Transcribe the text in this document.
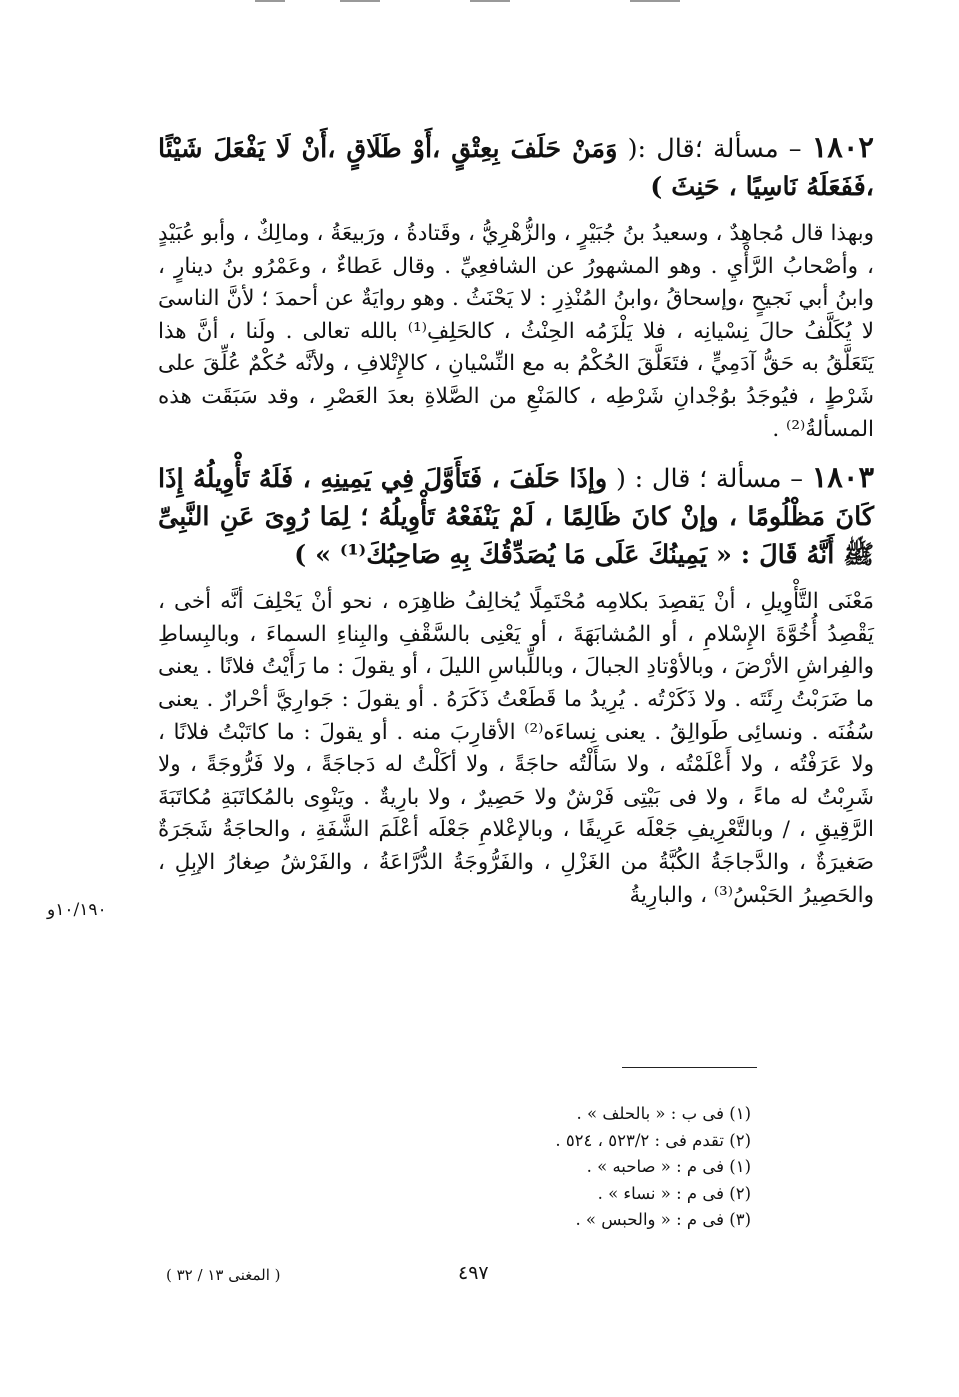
١٨٠٢ – مسألة ؛قال :( وَمَنْ حَلَفَ بِعِتْقٍ ،أَوْ طَلَاقٍ ،أَنْ لَا يَفْعَلَ شَيْئًا ،فَفَعَلَهُ نَاسِيًا ، حَنِثَ )

وبهذا قال مُجاهِدٌ ، وسعيدُ بنُ جُبَيْرٍ ، والزُّهْرِيُّ ، وقَتادةُ ، ورَبيعَةُ ، ومالِكٌ ، وأبو عُبَيْدٍ ، وأصْحابُ الرَّأْيِ . وهو المشهورُ عن الشافعِيِّ . وقال عَطاءٌ ، وعَمْرُو بنُ دينارٍ ، وابنُ أبي نَجيحٍ ،وإسحاقُ ،وابنُ المُنْذِرِ : لا يَحْنَثُ . وهو روايَةٌ عن أحمدَ ؛ لأنَّ الناسىَ لا يُكَلَّفُ حالَ نِسْيانِه ، فلا يَلْزَمُه الحِنْثُ ، كالحَلِفِ⁽¹⁾ بالله تعالى . ولَنا ، أنَّ هذا يَتَعَلَّقُ به حَقُّ آدَمِيٍّ ، فتَعَلَّقَ الحُكْمُ به مع النِّسْيانِ ، كالإِتْلافِ ، ولأنَّه حُكْمٌ عُلِّقَ على شَرْطٍ ، فيُوجَدُ بوُجْدانِ شَرْطِه ، كالمَنْعِ من الصَّلاةِ بعدَ العَصْرِ ، وقد سَبَقَت هذه المسألةُ⁽²⁾ .

١٨٠٣ – مسألة ؛ قال : ( وإذَا حَلَفَ ، فَتَأَوَّلَ فِي يَمِينِهِ ، فَلَهُ تَأْوِيلُهُ إِذَا كَانَ مَظْلُومًا ، وإنْ كانَ ظَالِمًا ، لَمْ يَنْفَعْهُ تَأْوِيلُهُ ؛ لِمَا رُوِىَ عَنِ النَّبِىِّ ﷺ أَنَّهُ قَالَ : « يَمِينُكَ عَلَى مَا يُصَدِّقُكَ بِهِ صَاحِبُكَ⁽¹⁾ » )

مَعْنَى التَّأْوِيلِ ، أنْ يَقصِدَ بكلامِه مُحْتَمِلًا يُخالِفُ ظاهِرَه ، نحو أنْ يَحْلِفَ أنَّه أخى ، يَقْصِدُ أُخُوَّةَ الإِسْلامِ ، أو المُشابَهَةَ ، أو يَعْنِى بالسَّقْفِ والبِناءِ السماءَ ، وبالبِساطِ والفِراشِ الأرْضَ ، وبالأوْتادِ الجبالَ ، وباللِّباسِ الليلَ ، أو يقولَ : ما رَأَيْتُ فلانًا . يعنى ما ضَرَبْتُ رِئَتَه . ولا ذَكَرْتُه . يُرِيدُ ما قَطَعْتُ ذَكَرَهُ . أو يقولَ : جَوارِيَّ أحْرارٌ . يعنى سُفُنَه . ونسائِى طَوالِقُ . يعنى نِساءَه⁽²⁾ الأقارِبَ منه . أو يقولَ : ما كاتَبْتُ فلانًا ، ولا عَرَفْتُه ، ولا أَعْلَمْتُه ، ولا سَأَلْتُه حاجَةً ، ولا أكَلْتُ له دَجاجَةً ، ولا فَرُّوجَةً ، ولا شَرِبْتُ له ماءً ، ولا فى بَيْتِى فَرْشٌ ولا حَصِيرٌ ، ولا بارِيةٌ . ويَنْوِى بالمُكاتَبَةِ مُكاتَبَةَ الرَّقِيقِ ، / وبالتَّعْرِيفِ جَعْلَه عَرِيفًا ، وبالإعْلامِ جَعْلَه أعْلَمَ الشَّفَةِ ، والحاجَةُ شَجَرَةٌ صَغيرَةٌ ، والدَّجاجَةُ الكُبَّةُ من الغَزْلِ ، والفَرُّوجَةُ الدُّرَّاعَةُ ، والفَرْشُ صِغارُ الإبِلِ ، والحَصِيرُ الحَبْسُ⁽³⁾ ، والبارِيةُ

١٠/١٩٠و
(١) فى ب : « بالحلف » .
(٢) تقدم فى : ٥٢٣/٢ ، ٥٢٤ .
(١) فى م : « صاحبه » .
(٢) فى م : « نساء » .
(٣) فى م : « والحبس » .
٤٩٧
( المغنى ١٣ / ٣٢ )
